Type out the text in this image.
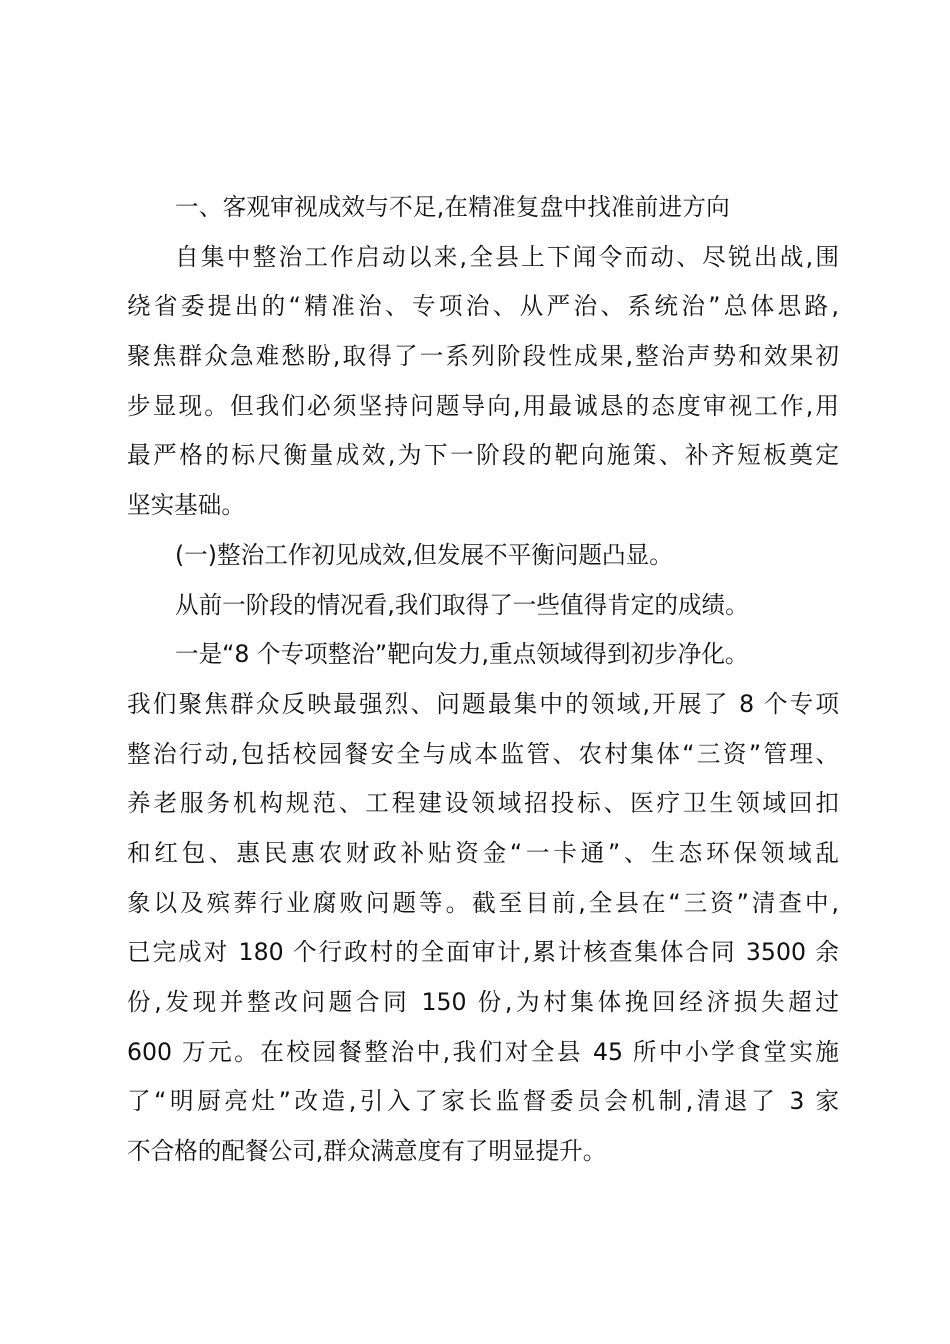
一、客观审视成效与不足,在精准复盘中找准前进方向
自集中整治工作启动以来,全县上下闻令而动、尽锐出战,围
绕省委提出的“精准治、专项治、从严治、系统治”总体思路,
聚焦群众急难愁盼,取得了一系列阶段性成果,整治声势和效果初
步显现。但我们必须坚持问题导向,用最诚恳的态度审视工作,用
最严格的标尺衡量成效,为下一阶段的靶向施策、补齐短板奠定
坚实基础。
(一)整治工作初见成效,但发展不平衡问题凸显。
从前一阶段的情况看,我们取得了一些值得肯定的成绩。
一是“8 个专项整治”靶向发力,重点领域得到初步净化。
我们聚焦群众反映最强烈、问题最集中的领域,开展了 8 个专项
整治行动,包括校园餐安全与成本监管、农村集体“三资”管理、
养老服务机构规范、工程建设领域招投标、医疗卫生领域回扣
和红包、惠民惠农财政补贴资金“一卡通”、生态环保领域乱
象以及殡葬行业腐败问题等。截至目前,全县在“三资”清查中,
已完成对 180 个行政村的全面审计,累计核查集体合同 3500 余
份,发现并整改问题合同 150 份,为村集体挽回经济损失超过
600 万元。在校园餐整治中,我们对全县 45 所中小学食堂实施
了“明厨亮灶”改造,引入了家长监督委员会机制,清退了 3 家
不合格的配餐公司,群众满意度有了明显提升。
